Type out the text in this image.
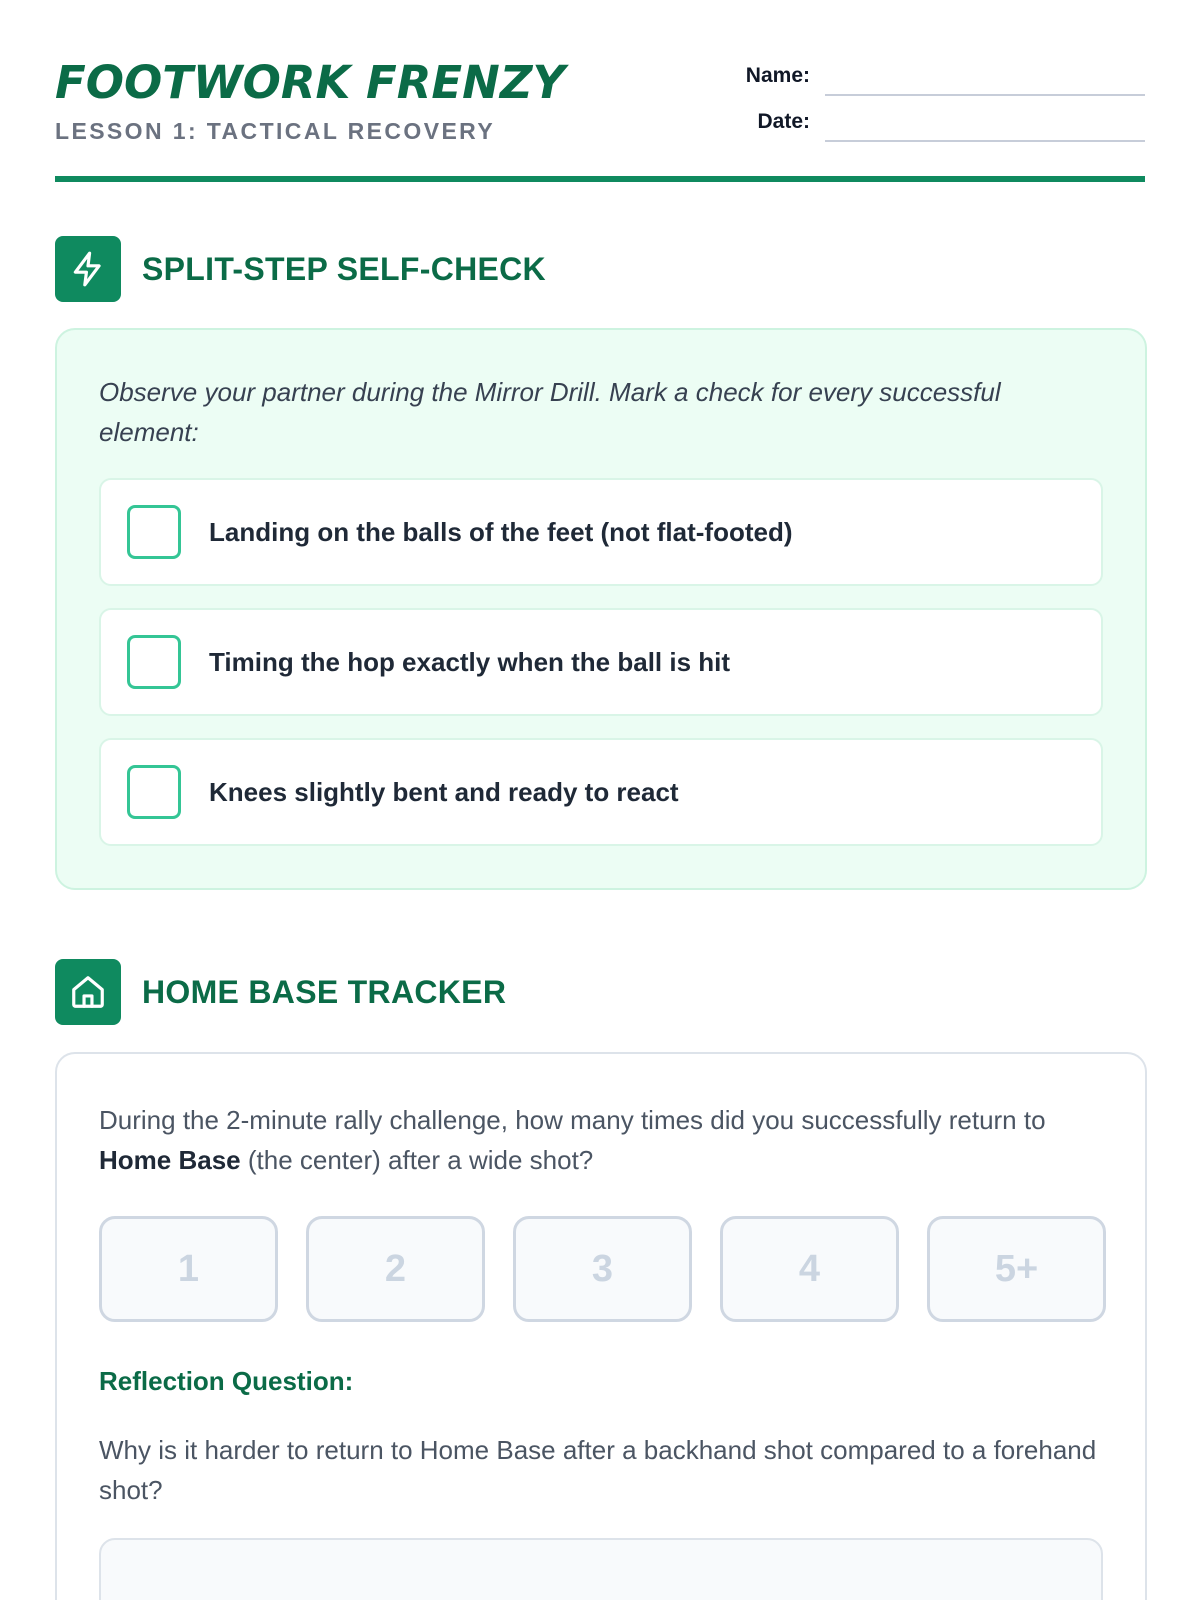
FOOTWORK FRENZY
LESSON 1: TACTICAL RECOVERY
Name:
Date:
SPLIT-STEP SELF-CHECK
Observe your partner during the Mirror Drill. Mark a check for every successful element:
Landing on the balls of the feet (not flat-footed)
Timing the hop exactly when the ball is hit
Knees slightly bent and ready to react
HOME BASE TRACKER
During the 2-minute rally challenge, how many times did you successfully return to Home Base (the center) after a wide shot?
1	2	3	4	5+
Reflection Question:
Why is it harder to return to Home Base after a backhand shot compared to a forehand shot?
